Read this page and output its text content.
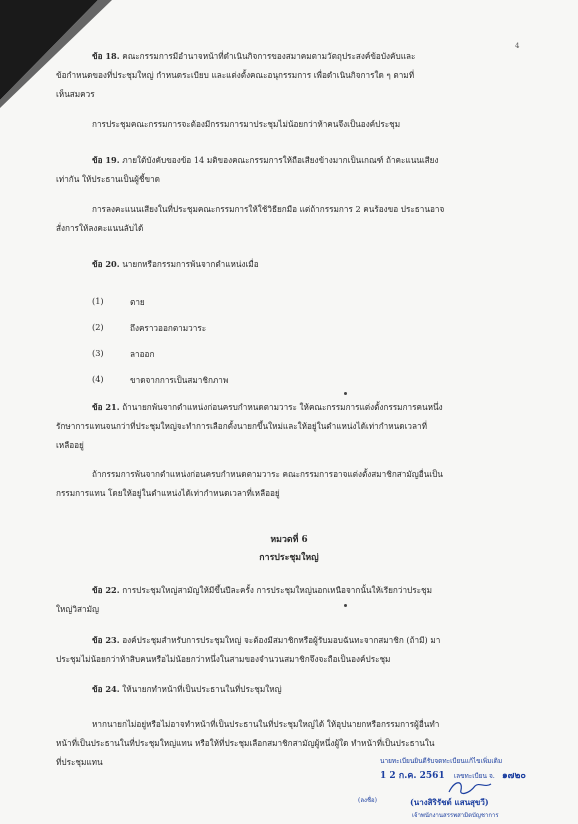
4
ข้อ 18. คณะกรรมการมีอำนาจหน้าที่ดำเนินกิจการของสมาคมตามวัตถุประสงค์ข้อบังคับและ
ข้อกำหนดของที่ประชุมใหญ่ กำหนดระเบียบ และแต่งตั้งคณะอนุกรรมการ เพื่อดำเนินกิจการใด ๆ ตามที่
เห็นสมควร
การประชุมคณะกรรมการจะต้องมีกรรมการมาประชุมไม่น้อยกว่าห้าคนจึงเป็นองค์ประชุม
ข้อ 19. ภายใต้บังคับของข้อ 14 มติของคณะกรรมการให้ถือเสียงข้างมากเป็นเกณฑ์ ถ้าคะแนนเสียง
เท่ากัน ให้ประธานเป็นผู้ชี้ขาด
การลงคะแนนเสียงในที่ประชุมคณะกรรมการให้ใช้วิธียกมือ แต่ถ้ากรรมการ 2 คนร้องขอ ประธานอาจ
สั่งการให้ลงคะแนนลับได้
ข้อ 20. นายกหรือกรรมการพ้นจากตำแหน่งเมื่อ
(1)	ตาย
(2)	ถึงคราวออกตามวาระ
(3)	ลาออก
(4)	ขาดจากการเป็นสมาชิกภาพ
ข้อ 21. ถ้านายกพ้นจากตำแหน่งก่อนครบกำหนดตามวาระ ให้คณะกรรมการแต่งตั้งกรรมการคนหนึ่ง
รักษาการแทนจนกว่าที่ประชุมใหญ่จะทำการเลือกตั้งนายกขึ้นใหม่และให้อยู่ในตำแหน่งได้เท่ากำหนดเวลาที่
เหลืออยู่
ถ้ากรรมการพ้นจากตำแหน่งก่อนครบกำหนดตามวาระ คณะกรรมการอาจแต่งตั้งสมาชิกสามัญอื่นเป็น
กรรมการแทน โดยให้อยู่ในตำแหน่งได้เท่ากำหนดเวลาที่เหลืออยู่
หมวดที่ 6
การประชุมใหญ่
ข้อ 22. การประชุมใหญ่สามัญให้มีขึ้นปีละครั้ง การประชุมใหญ่นอกเหนือจากนั้นให้เรียกว่าประชุม
ใหญ่วิสามัญ
ข้อ 23. องค์ประชุมสำหรับการประชุมใหญ่ จะต้องมีสมาชิกหรือผู้รับมอบฉันทะจากสมาชิก (ถ้ามี) มา
ประชุมไม่น้อยกว่าห้าสิบคนหรือไม่น้อยกว่าหนึ่งในสามของจำนวนสมาชิกจึงจะถือเป็นองค์ประชุม
ข้อ 24. ให้นายกทำหน้าที่เป็นประธานในที่ประชุมใหญ่
หากนายกไม่อยู่หรือไม่อาจทำหน้าที่เป็นประธานในที่ประชุมใหญ่ได้ ให้อุปนายกหรือกรรมการผู้อื่นทำ
หน้าที่เป็นประธานในที่ประชุมใหญ่แทน หรือให้ที่ประชุมเลือกสมาชิกสามัญผู้หนึ่งผู้ใด ทำหน้าที่เป็นประธานใน
ที่ประชุมแทน	นายทะเบียนยินดีรับจดทะเบียนแก้ไขเพิ่มเติม
1 2 ก.ค. 2561 เลขทะเบียน จ. ๑๗๒๐
(ลงชื่อ)	(นางสิริรัชต์ แสนสุขวี)
เจ้าพนักงานสรรพสามิตบัญชาการ
